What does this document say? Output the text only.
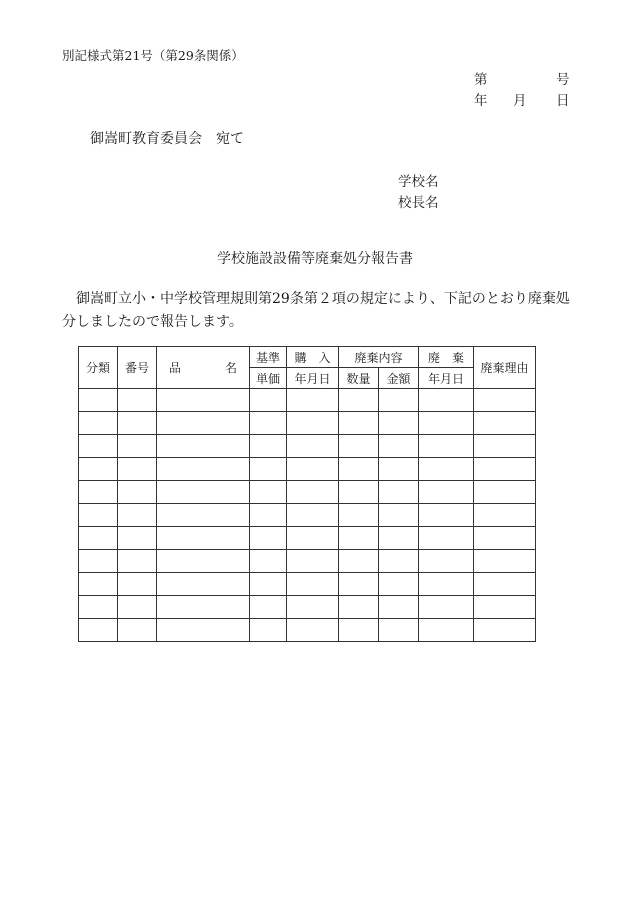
別記様式第21号（第29条関係）
第	号
年 月 日
御嵩町教育委員会　宛て
学校名
校長名
学校施設設備等廃棄処分報告書
御嵩町立小・中学校管理規則第29条第２項の規定により、下記のとおり廃棄処分しましたので報告します。
分類	番号	品 名	基準	購　入	廃棄内容		廃　棄	廃棄理由
			単価	年月日	数量	金額	年月日	
